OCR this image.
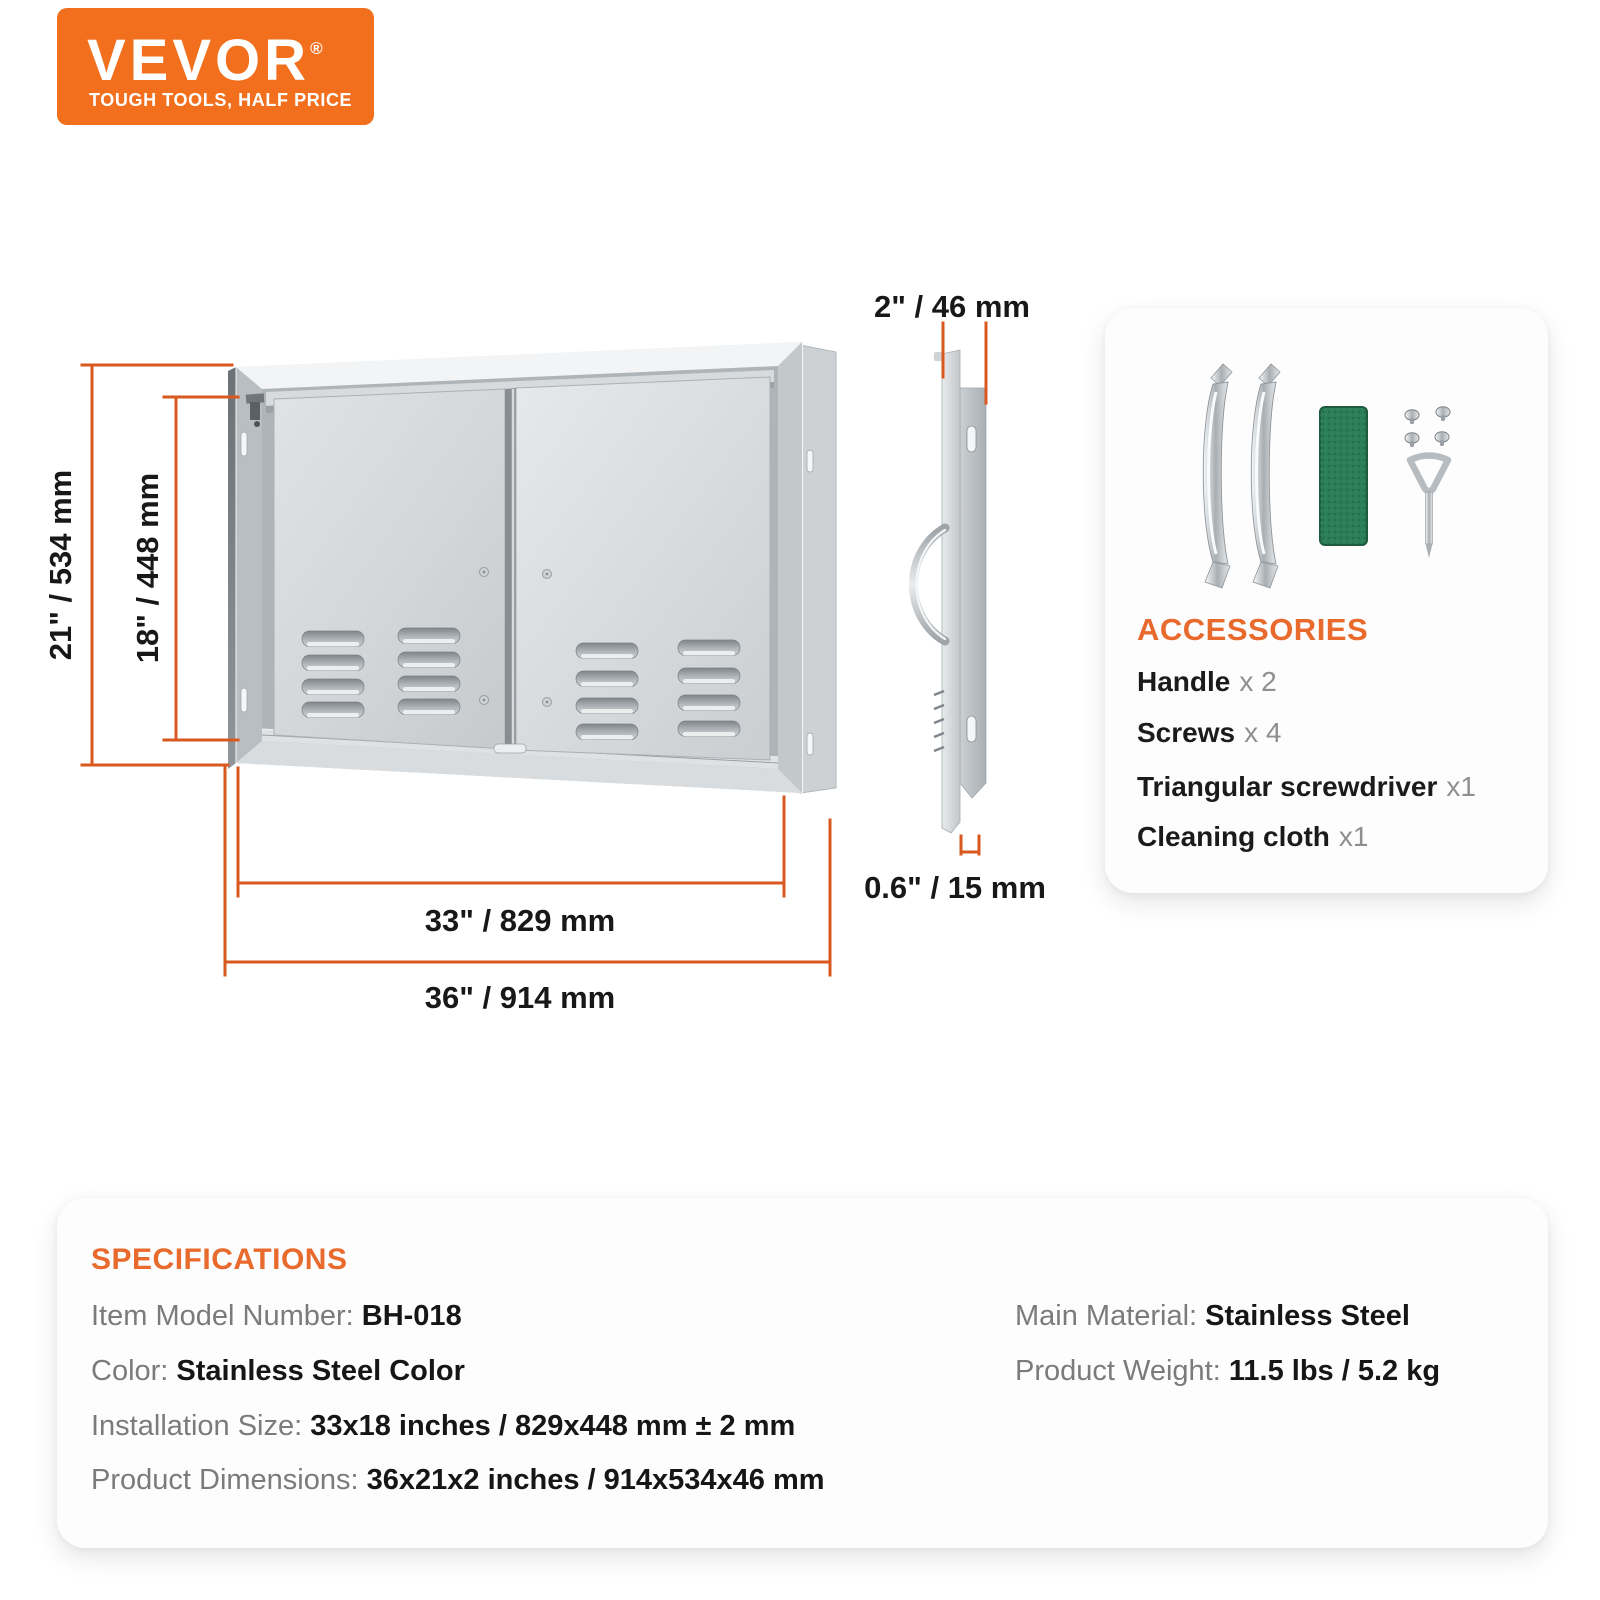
VEVOR®
TOUGH TOOLS, HALF PRICE
21" / 534 mm 18" / 448 mm
33" / 829 mm
36" / 914 mm
2" / 46 mm
0.6" / 15 mm
ACCESSORIES
Handle x 2
Screws x 4
Triangular screwdriver x1
Cleaning cloth x1
SPECIFICATIONS
Item Model Number: BH-018
Color: Stainless Steel Color
Installation Size: 33x18 inches / 829x448 mm ± 2 mm
Product Dimensions: 36x21x2 inches / 914x534x46 mm
Main Material: Stainless Steel
Product Weight: 11.5 lbs / 5.2 kg
